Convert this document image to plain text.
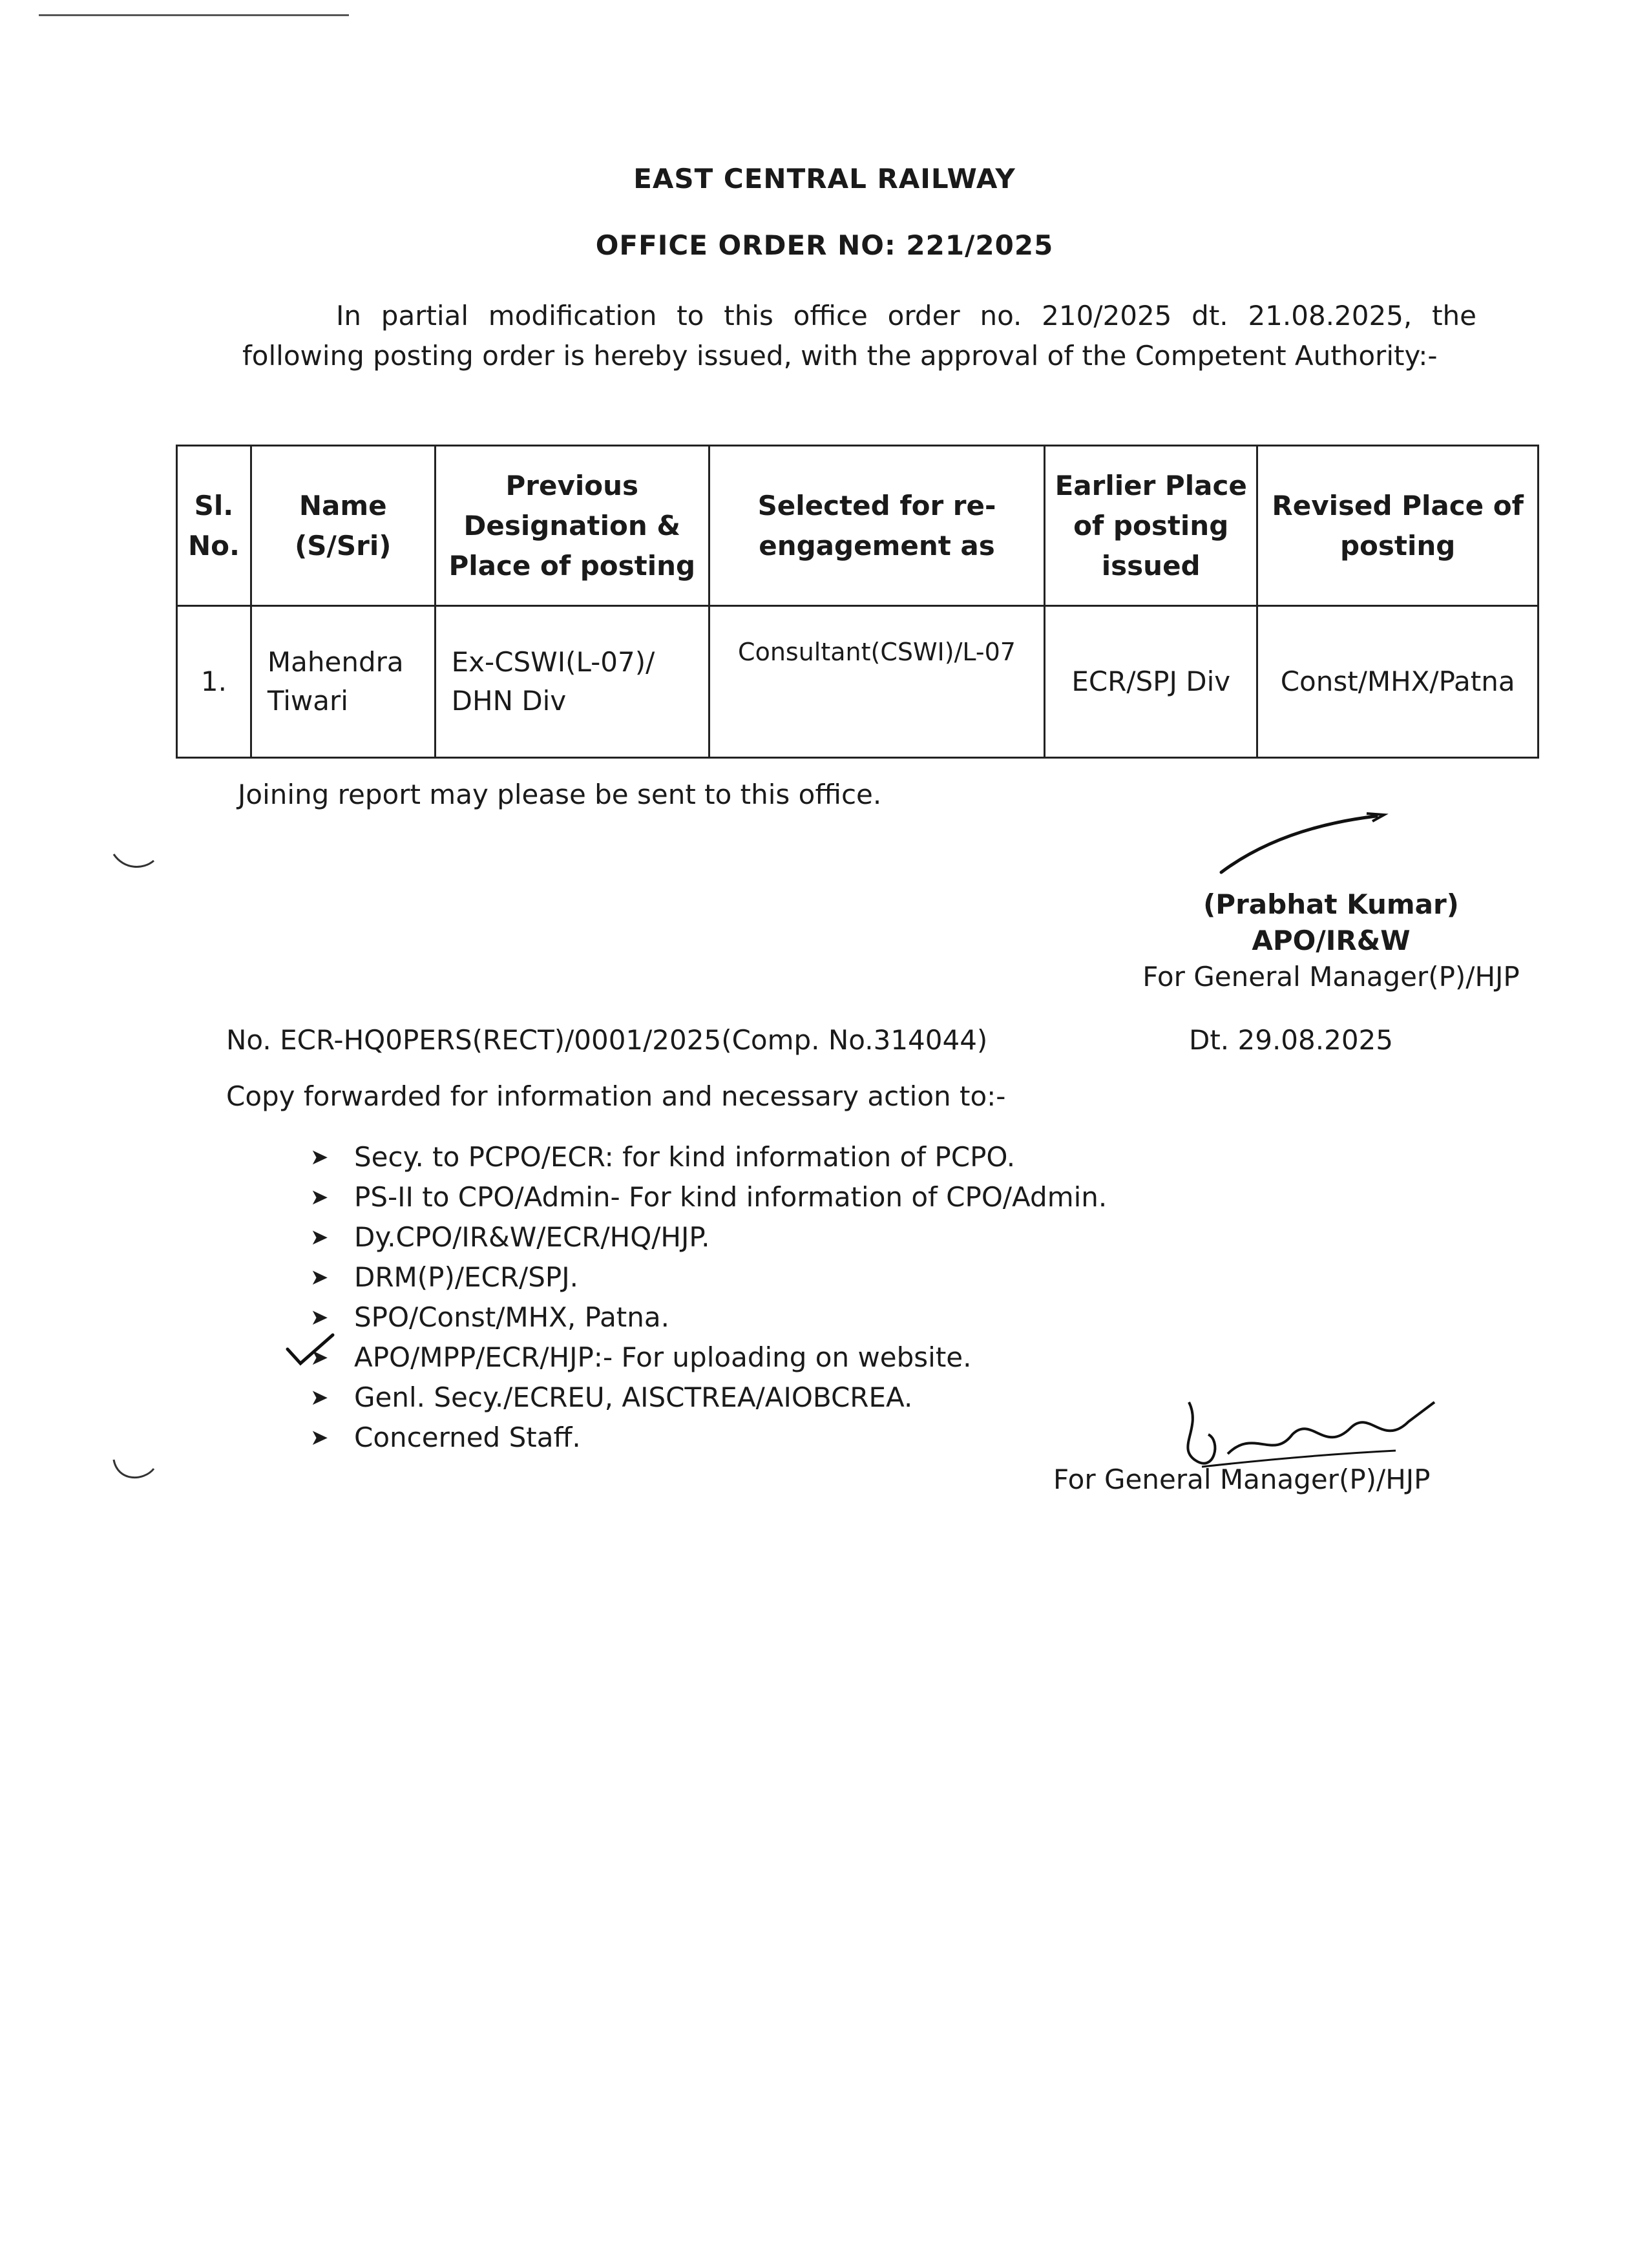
EAST CENTRAL RAILWAY
OFFICE ORDER NO: 221/2025
In partial modification to this office order no. 210/2025 dt. 21.08.2025, the following posting order is hereby issued, with the approval of the Competent Authority:-
Sl. No.	Name (S/Sri)	Previous Designation & Place of posting	Selected for re-engagement as	Earlier Place of posting issued	Revised Place of posting
1.	Mahendra Tiwari	Ex-CSWI(L-07)/ DHN Div	Consultant(CSWI)/L-07	ECR/SPJ Div	Const/MHX/Patna
Joining report may please be sent to this office.
(Prabhat Kumar)
APO/IR&W
For General Manager(P)/HJP
No. ECR-HQ0PERS(RECT)/0001/2025(Comp. No.314044)	Dt. 29.08.2025
Copy forwarded for information and necessary action to:-
➤ Secy. to PCPO/ECR: for kind information of PCPO.
➤ PS-II to CPO/Admin- For kind information of CPO/Admin.
➤ Dy.CPO/IR&W/ECR/HQ/HJP.
➤ DRM(P)/ECR/SPJ.
➤ SPO/Const/MHX, Patna.
➤ APO/MPP/ECR/HJP:- For uploading on website.
➤ Genl. Secy./ECREU, AISCTREA/AIOBCREA.
➤ Concerned Staff.
For General Manager(P)/HJP
